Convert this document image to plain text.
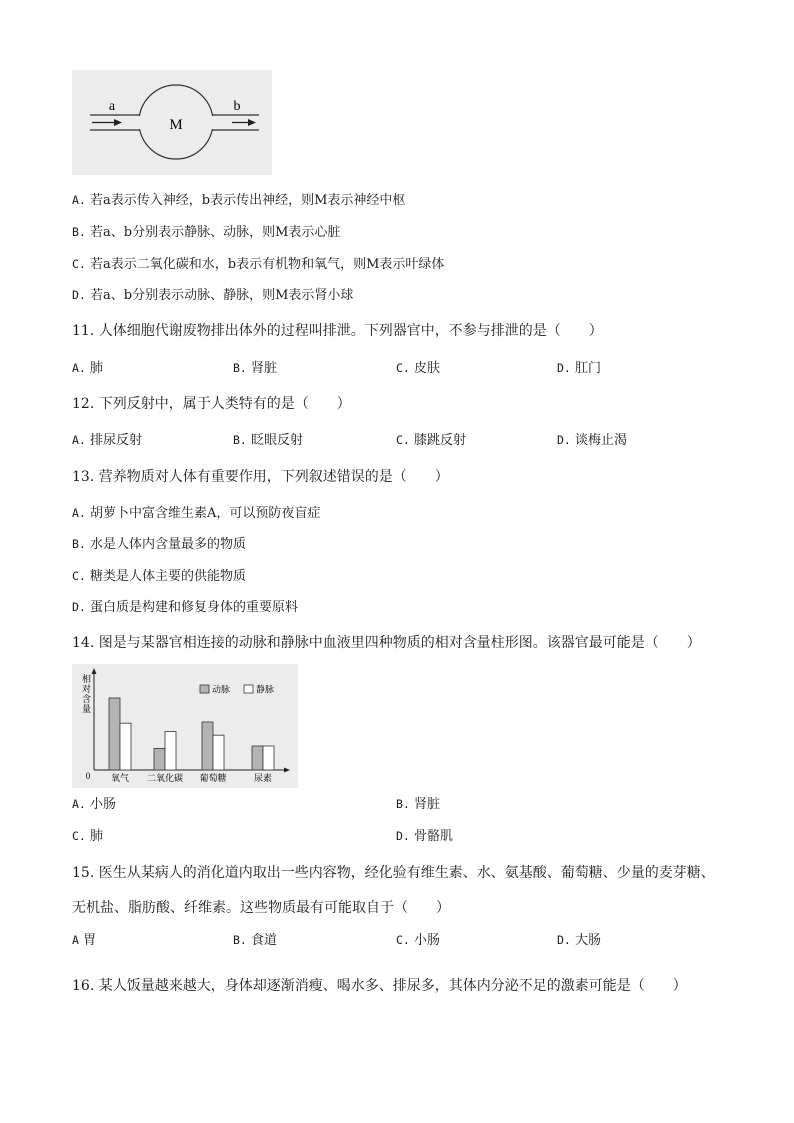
a	b
M
A. 若a表示传入神经，b表示传出神经，则M表示神经中枢
B. 若a、b分别表示静脉、动脉，则M表示心脏
C. 若a表示二氧化碳和水，b表示有机物和氧气，则M表示叶绿体
D. 若a、b分别表示动脉、静脉，则M表示肾小球
11. 人体细胞代谢废物排出体外的过程叫排泄。下列器官中，不参与排泄的是（　　）
A. 肺	B. 肾脏	C. 皮肤	D. 肛门
12. 下列反射中，属于人类特有的是（　　）
A. 排尿反射	B. 眨眼反射	C. 膝跳反射	D. 谈梅止渴
13. 营养物质对人体有重要作用，下列叙述错误的是（　　）
A. 胡萝卜中富含维生素A，可以预防夜盲症
B. 水是人体内含量最多的物质
C. 糖类是人体主要的供能物质
D. 蛋白质是构建和修复身体的重要原料
14. 图是与某器官相连接的动脉和静脉中血液里四种物质的相对含量柱形图。该器官最可能是（　　）
相对含量
0
动脉	静脉
氧气 二氧化碳 葡萄糖	尿素
A. 小肠	B. 肾脏
C. 肺	D. 骨骼肌
15. 医生从某病人的消化道内取出一些内容物，经化验有维生素、水、氨基酸、葡萄糖、少量的麦芽糖、
无机盐、脂肪酸、纤维素。这些物质最有可能取自于（　　）
A 胃	B. 食道	C. 小肠	D. 大肠
16. 某人饭量越来越大，身体却逐渐消瘦、喝水多、排尿多，其体内分泌不足的激素可能是（　　）
